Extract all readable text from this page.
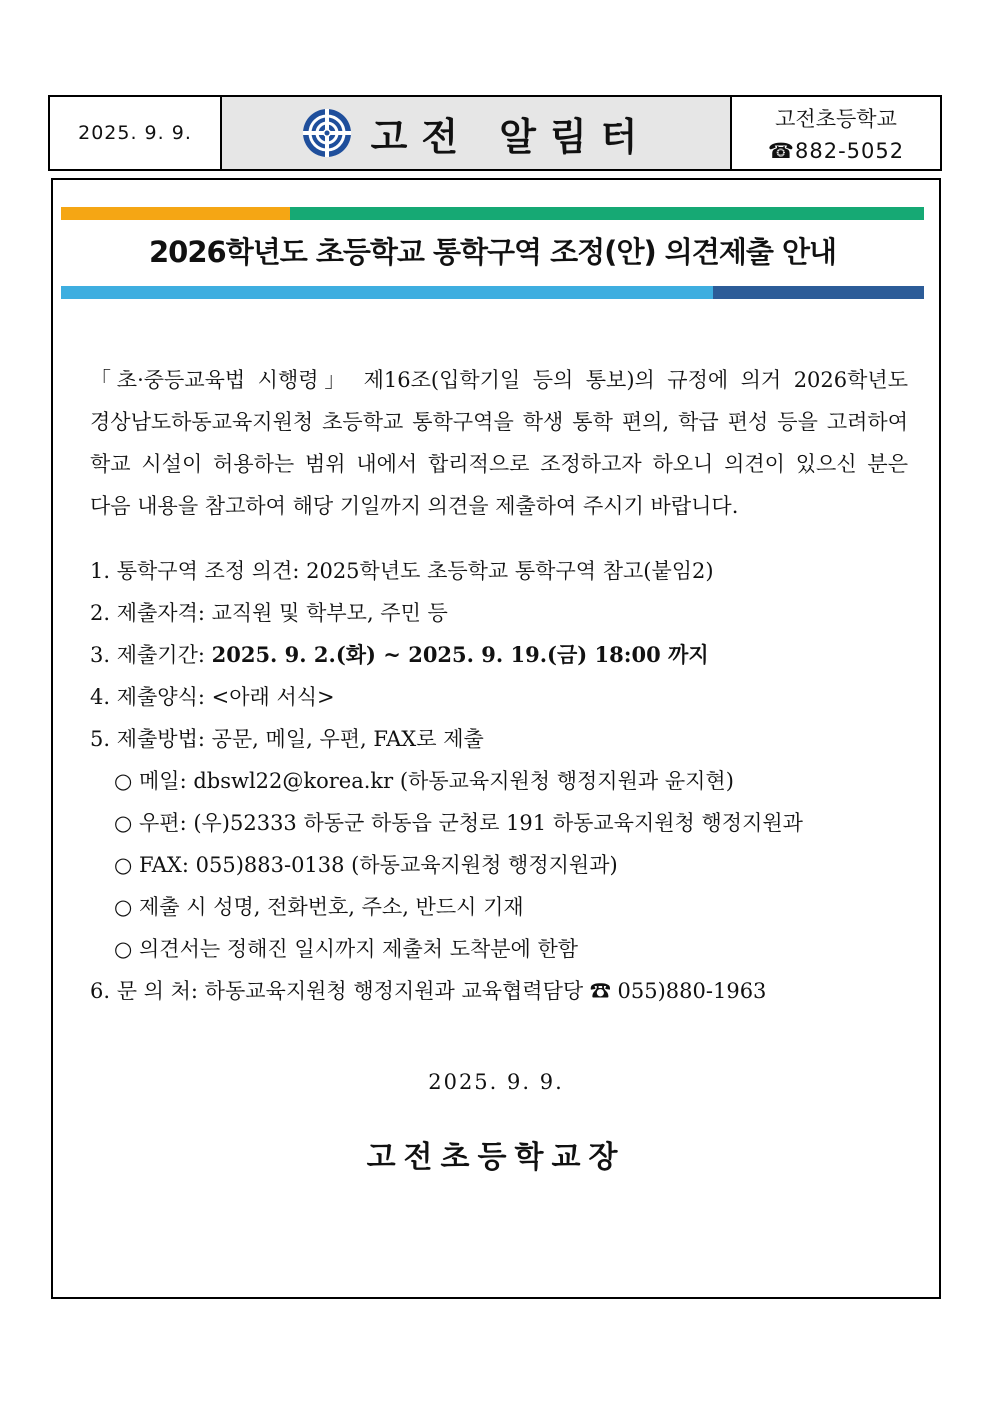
2025. 9. 9.	고전 알림터	고전초등학교
☎882-5052
2026학년도 초등학교 통학구역 조정(안) 의견제출 안내

「초·중등교육법 시행령」 제16조(입학기일 등의 통보)의 규정에 의거 2026학년도 경상남도하동교육지원청 초등학교 통학구역을 학생 통학 편의, 학급 편성 등을 고려하여 학교 시설이 허용하는 범위 내에서 합리적으로 조정하고자 하오니 의견이 있으신 분은 다음 내용을 참고하여 해당 기일까지 의견을 제출하여 주시기 바랍니다.

1. 통학구역 조정 의견: 2025학년도 초등학교 통학구역 참고(붙임2)
2. 제출자격: 교직원 및 학부모, 주민 등
3. 제출기간: 2025. 9. 2.(화) ~ 2025. 9. 19.(금) 18:00 까지
4. 제출양식: <아래 서식>
5. 제출방법: 공문, 메일, 우편, FAX로 제출
○ 메일: dbswl22@korea.kr (하동교육지원청 행정지원과 윤지현)
○ 우편: (우)52333 하동군 하동읍 군청로 191 하동교육지원청 행정지원과
○ FAX: 055)883-0138 (하동교육지원청 행정지원과)
○ 제출 시 성명, 전화번호, 주소, 반드시 기재
○ 의견서는 정해진 일시까지 제출처 도착분에 한함
6. 문 의 처: 하동교육지원청 행정지원과 교육협력담당 ☎ 055)880-1963
2025. 9. 9.
고전초등학교장
